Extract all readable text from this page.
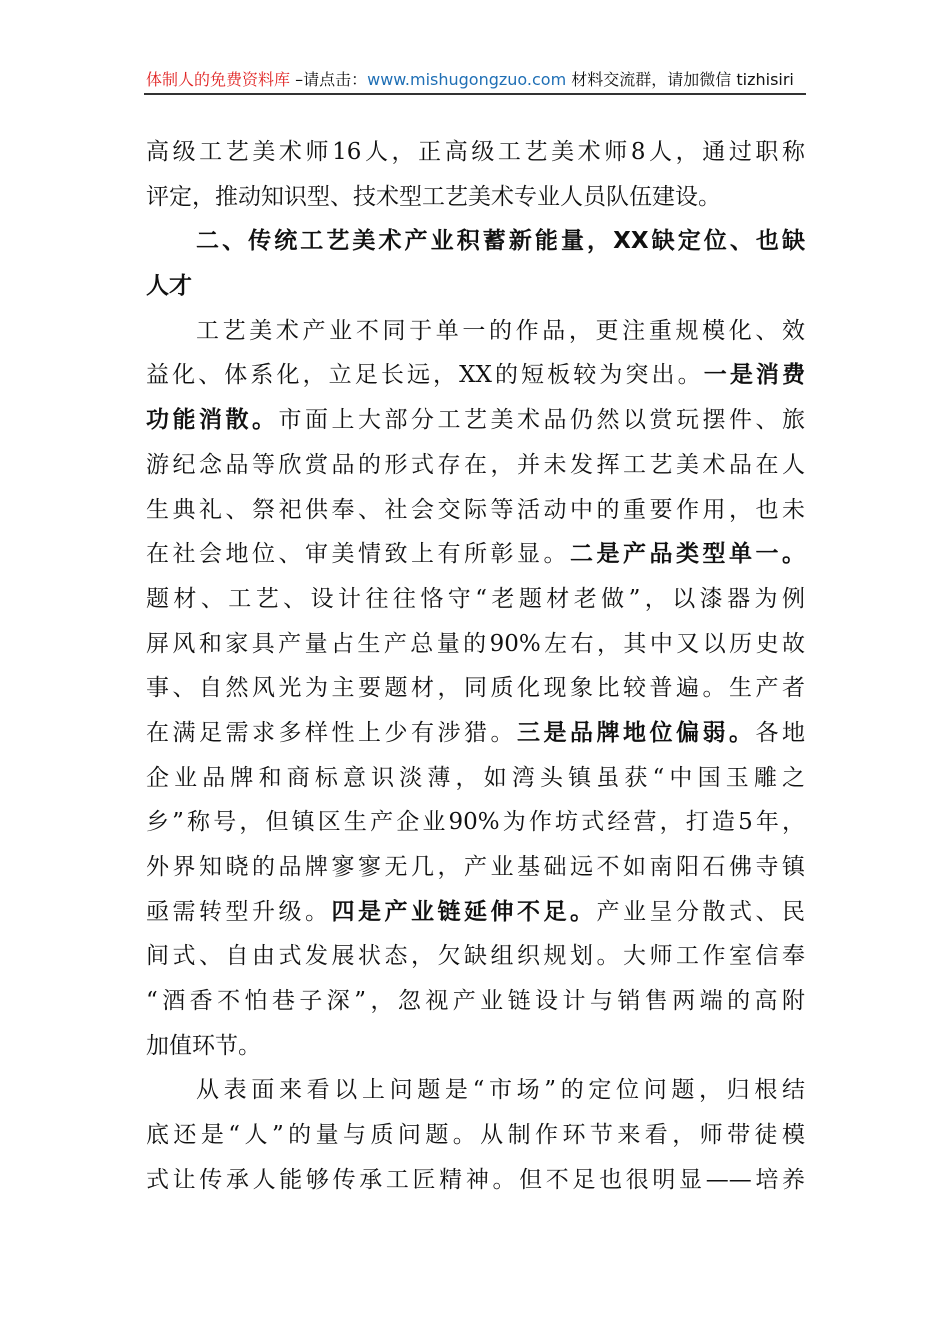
体制人的免费资料库 –请点击：www.mishugongzuo.com 材料交流群，请加微信 tizhisiri
高级工艺美术师16人，正高级工艺美术师8人，通过职称
评定，推动知识型、技术型工艺美术专业人员队伍建设。
二、传统工艺美术产业积蓄新能量，XX缺定位、也缺
人才
工艺美术产业不同于单一的作品，更注重规模化、效
益化、体系化，立足长远，XX的短板较为突出。一是消费
功能消散。市面上大部分工艺美术品仍然以赏玩摆件、旅
游纪念品等欣赏品的形式存在，并未发挥工艺美术品在人
生典礼、祭祀供奉、社会交际等活动中的重要作用，也未
在社会地位、审美情致上有所彰显。二是产品类型单一。
题材、工艺、设计往往恪守“老题材老做”，以漆器为例
屏风和家具产量占生产总量的90%左右，其中又以历史故
事、自然风光为主要题材，同质化现象比较普遍。生产者
在满足需求多样性上少有涉猎。三是品牌地位偏弱。各地
企业品牌和商标意识淡薄，如湾头镇虽获“中国玉雕之
乡”称号，但镇区生产企业90%为作坊式经营，打造5年，
外界知晓的品牌寥寥无几，产业基础远不如南阳石佛寺镇
亟需转型升级。四是产业链延伸不足。产业呈分散式、民
间式、自由式发展状态，欠缺组织规划。大师工作室信奉
“酒香不怕巷子深”，忽视产业链设计与销售两端的高附
加值环节。
从表面来看以上问题是“市场”的定位问题，归根结
底还是“人”的量与质问题。从制作环节来看，师带徒模
式让传承人能够传承工匠精神。但不足也很明显——培养
